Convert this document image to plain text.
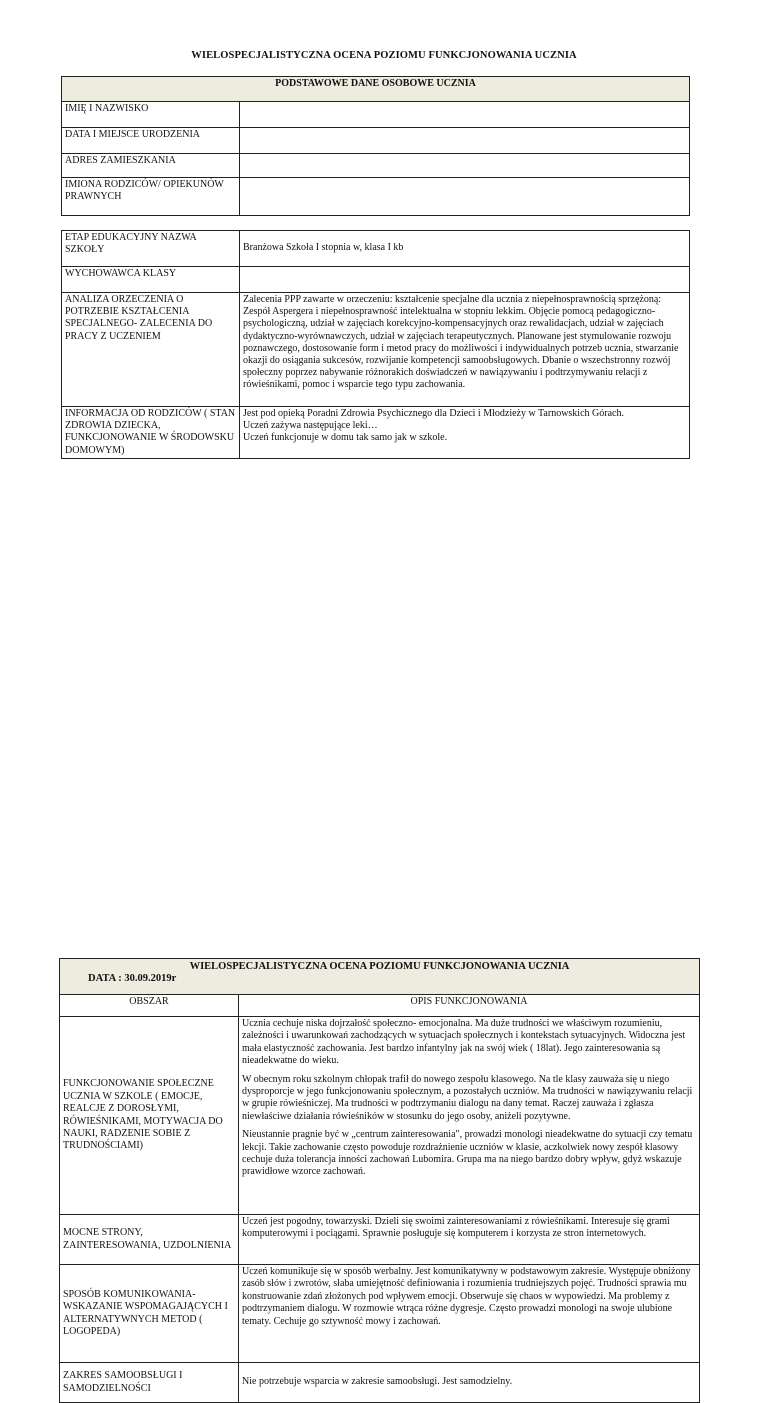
WIELOSPECJALISTYCZNA OCENA POZIOMU FUNKCJONOWANIA UCZNIA
PODSTAWOWE DANE OSOBOWE UCZNIA	
IMIĘ I NAZWISKO	
DATA I MIEJSCE URODZENIA	
ADRES ZAMIESZKANIA	
IMIONA RODZICÓW/ OPIEKUNÓW PRAWNYCH	
ETAP EDUKACYJNY NAZWA SZKOŁY	Branżowa Szkoła I stopnia w, klasa I kb
WYCHOWAWCA KLASY	
ANALIZA ORZECZENIA O POTRZEBIE KSZTAŁCENIA SPECJALNEGO- ZALECENIA DO PRACY Z UCZENIEM	Zalecenia PPP zawarte w orzeczeniu: kształcenie specjalne dla ucznia z niepełnosprawnością sprzężoną: Zespół Aspergera i niepełnosprawność intelektualna w stopniu lekkim. Objęcie pomocą pedagogiczno-psychologiczną, udział w zajęciach korekcyjno-kompensacyjnych oraz rewalidacjach, udział w zajęciach dydaktyczno-wyrównawczych, udział w zajęciach terapeutycznych. Planowane jest stymulowanie rozwoju poznawczego, dostosowanie form i metod pracy do możliwości i indywidualnych potrzeb ucznia, stwarzanie okazji do osiągania sukcesów, rozwijanie kompetencji samoobsługowych. Dbanie o wszechstronny rozwój społeczny poprzez nabywanie różnorakich doświadczeń w nawiązywaniu i podtrzymywaniu relacji z rówieśnikami, pomoc i wsparcie tego typu zachowania.
INFORMACJA OD RODZICÓW ( STAN ZDROWIA DZIECKA, FUNKCJONOWANIE W ŚRODOWSKU DOMOWYM)	Jest pod opieką Poradni Zdrowia Psychicznego dla Dzieci i Młodzieży w Tarnowskich Górach.
Uczeń zażywa następujące leki…
Uczeń funkcjonuje w domu tak samo jak w szkole.
WIELOSPECJALISTYCZNA OCENA POZIOMU FUNKCJONOWANIA UCZNIA
DATA : 30.09.2019r	

OBSZAR	OPIS FUNKCJONOWANIA
FUNKCJONOWANIE SPOŁECZNE UCZNIA W SZKOLE ( EMOCJE, REALCJE Z DOROSŁYMI, RÓWIEŚNIKAMI, MOTYWACJA DO NAUKI, RADZENIE SOBIE Z TRUDNOŚCIAMI)	Ucznia cechuje niska dojrzałość społeczno- emocjonalna. Ma duże trudności we właściwym rozumieniu, zależności i uwarunkowań zachodzących w sytuacjach społecznych i kontekstach sytuacyjnych. Widoczna jest mała elastyczność zachowania. Jest bardzo infantylny jak na swój wiek ( 18lat). Jego zainteresowania są nieadekwatne do wieku.

W obecnym roku szkolnym chłopak trafił do nowego zespołu klasowego. Na tle klasy zauważa się u niego dysproporcje w jego funkcjonowaniu społecznym, a pozostałych uczniów. Ma trudności w nawiązywaniu relacji w grupie rówieśniczej. Ma trudności w podtrzymaniu dialogu na dany temat. Raczej zauważa i zgłasza niewłaściwe działania rówieśników w stosunku do jego osoby, aniżeli pozytywne.

Nieustannie pragnie być w „centrum zainteresowania", prowadzi monologi nieadekwatne do sytuacji czy tematu lekcji. Takie zachowanie często powoduje rozdrażnienie uczniów w klasie, aczkolwiek nowy zespół klasowy cechuje duża tolerancja inności zachowań Lubomira. Grupa ma na niego bardzo dobry wpływ, gdyż wskazuje prawidłowe wzorce zachowań.

MOCNE STRONY, ZAINTERESOWANIA, UZDOLNIENIA	Uczeń jest pogodny, towarzyski. Dzieli się swoimi zainteresowaniami z rówieśnikami. Interesuje się grami komputerowymi i pociągami. Sprawnie posługuje się komputerem i korzysta ze stron internetowych.

SPOSÓB KOMUNIKOWANIA- WSKAZANIE WSPOMAGAJĄCYCH I ALTERNATYWNYCH METOD ( LOGOPEDA)	Uczeń komunikuje się w sposób werbalny. Jest komunikatywny w podstawowym zakresie. Występuje obniżony zasób słów i zwrotów, słaba umiejętność definiowania i rozumienia trudniejszych pojęć. Trudności sprawia mu konstruowanie zdań złożonych pod wpływem emocji. Obserwuje się chaos w wypowiedzi. Ma problemy z podtrzymaniem dialogu. W rozmowie wtrąca różne dygresje. Często prowadzi monologi na swoje ulubione tematy. Cechuje go sztywność mowy i zachowań.

ZAKRES SAMOOBSŁUGI I SAMODZIELNOŚCI	Nie potrzebuje wsparcia w zakresie samoobsługi. Jest samodzielny.
